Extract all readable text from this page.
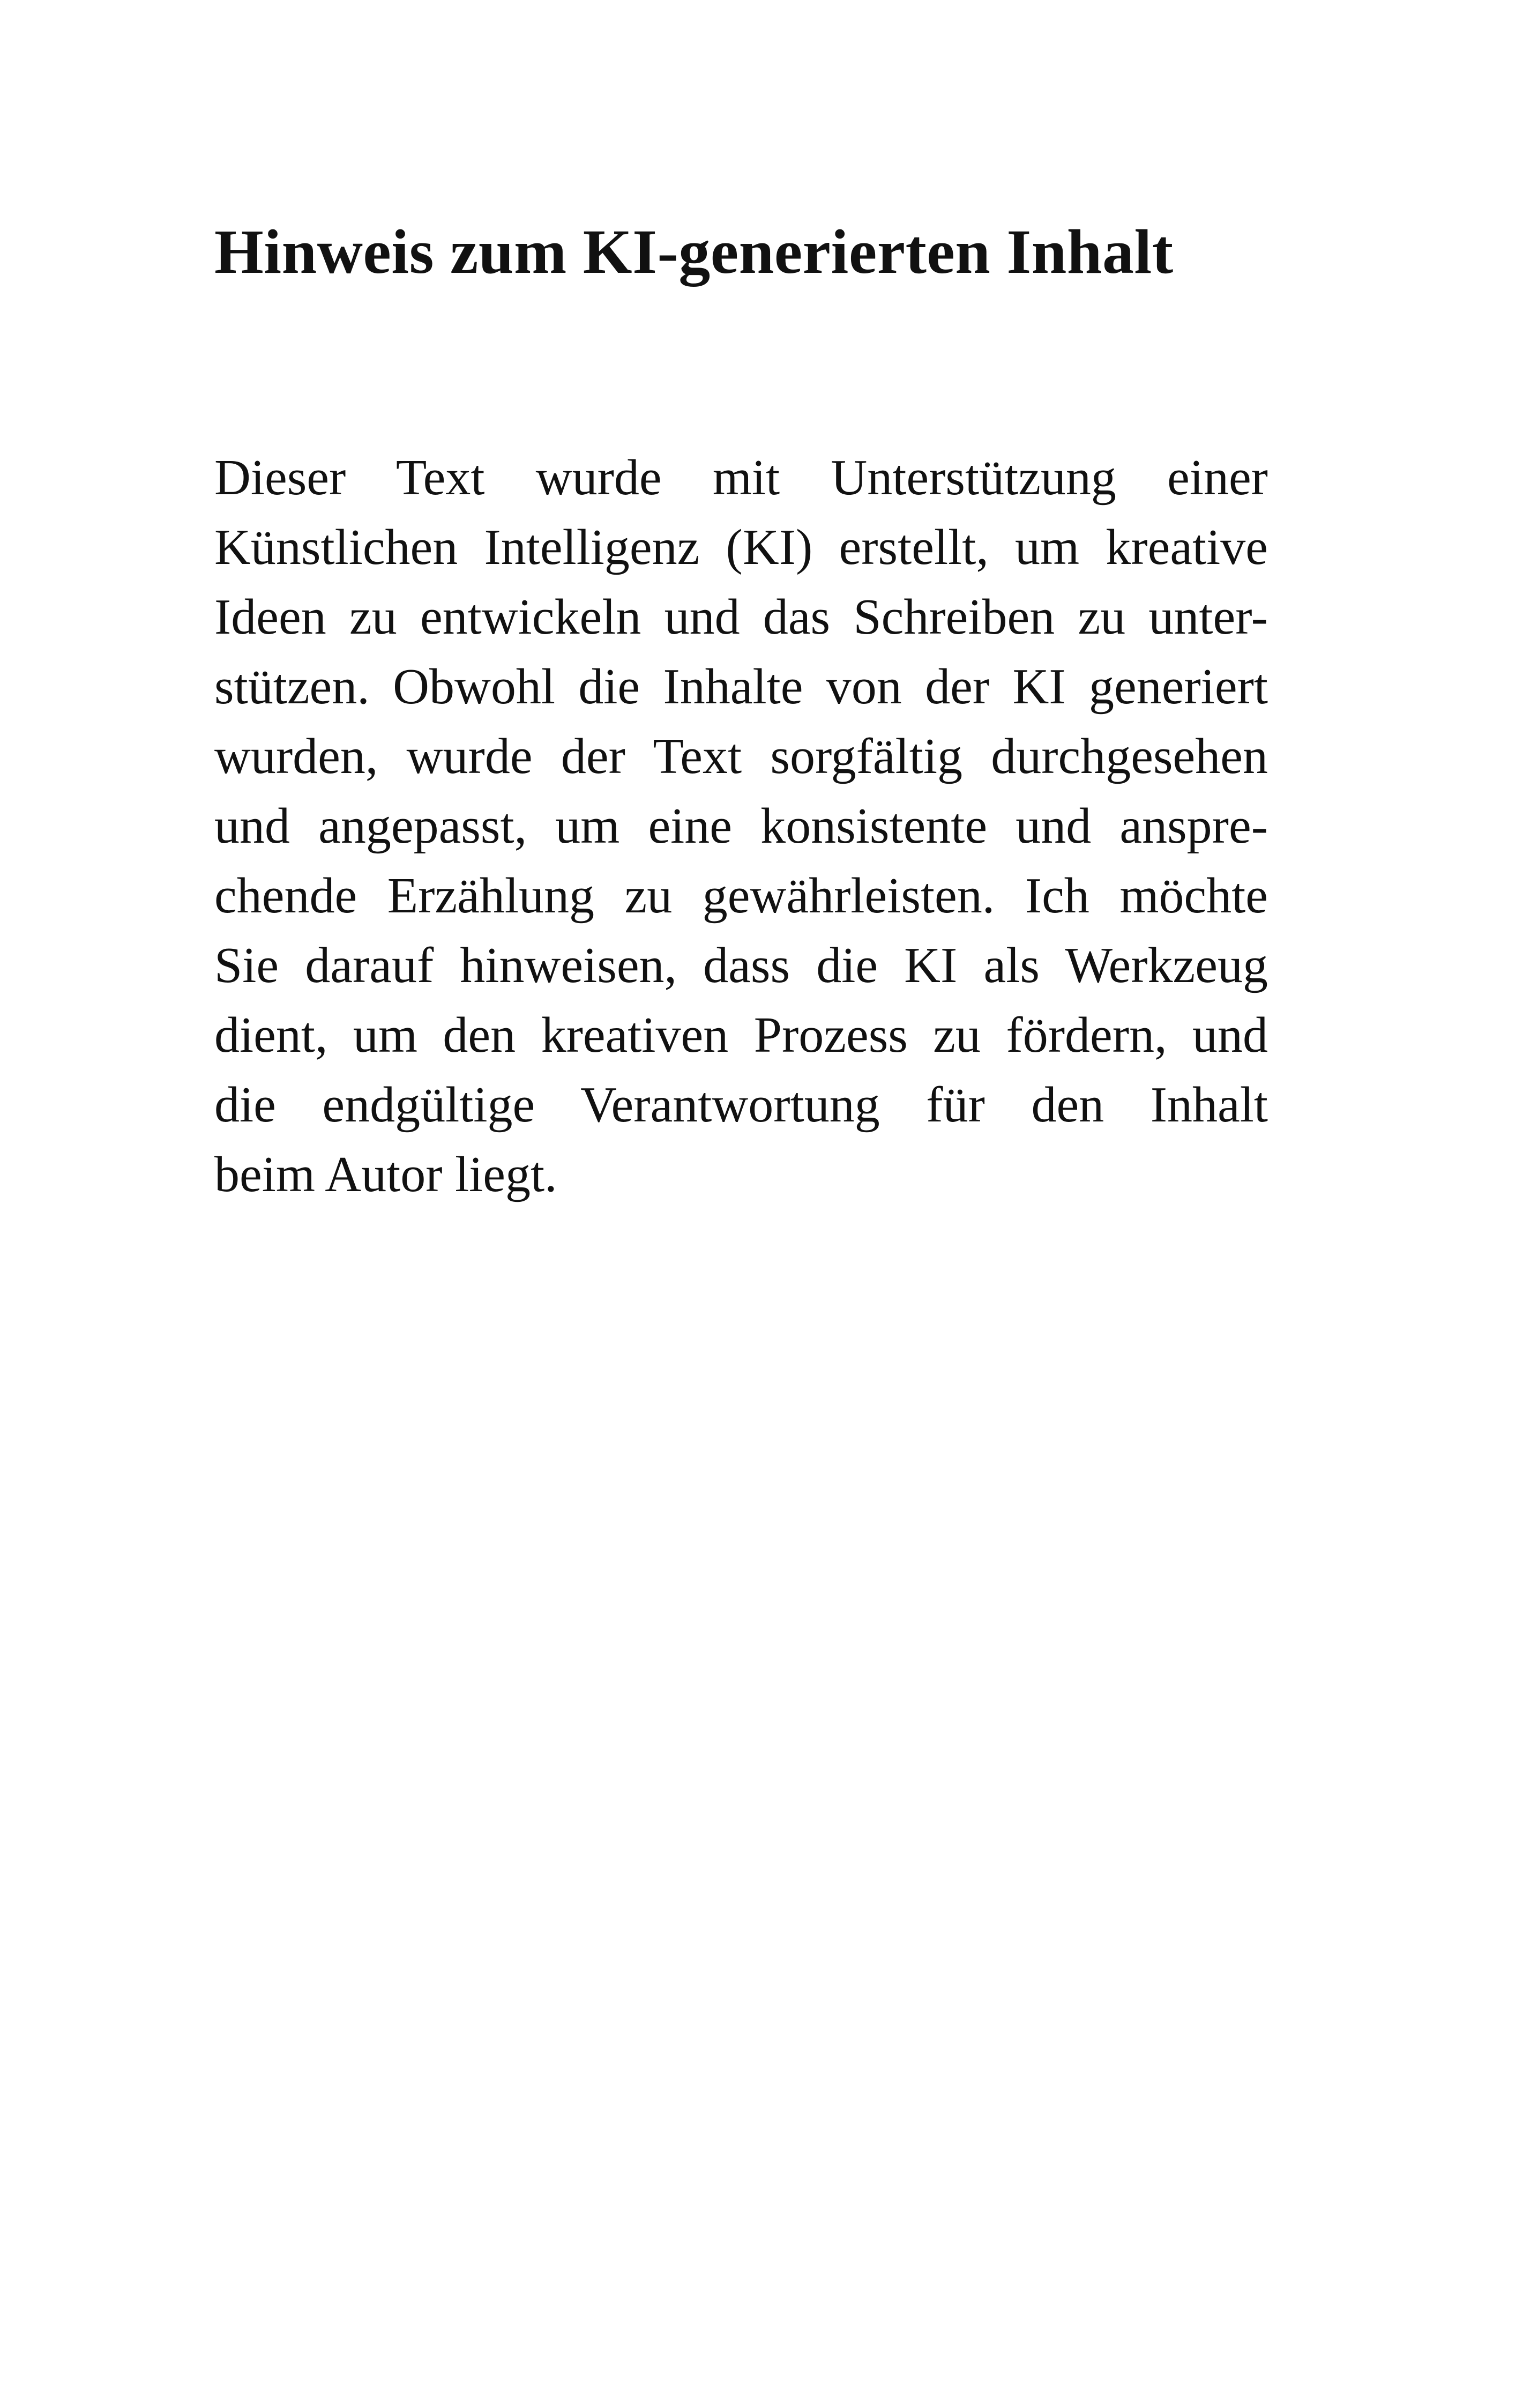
Hinweis zum KI-generierten Inhalt
Dieser Text wurde mit Unterstützung einer
Künstlichen Intelligenz (KI) erstellt, um kreative
Ideen zu entwickeln und das Schreiben zu unter-
stützen. Obwohl die Inhalte von der KI generiert
wurden, wurde der Text sorgfältig durchgesehen
und angepasst, um eine konsistente und anspre-
chende Erzählung zu gewährleisten. Ich möchte
Sie darauf hinweisen, dass die KI als Werkzeug
dient, um den kreativen Prozess zu fördern, und
die endgültige Verantwortung für den Inhalt
beim Autor liegt.
